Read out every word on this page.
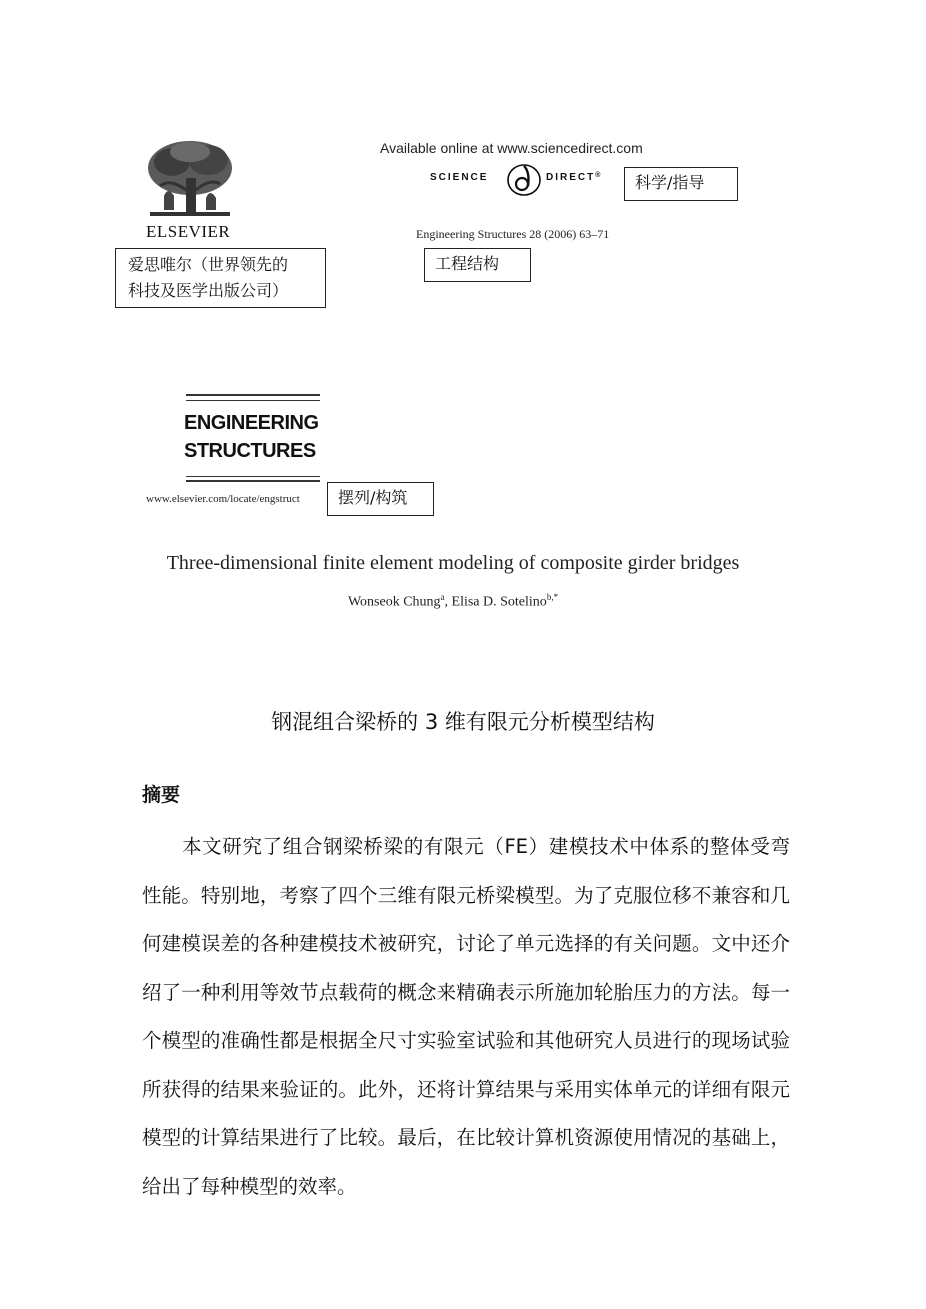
ELSEVIER
爱思唯尔（世界领先的
科技及医学出版公司）
Available online at www.sciencedirect.com
SCIENCE	DIRECT®	科学/指导
Engineering Structures 28 (2006) 63–71
工程结构
ENGINEERING
STRUCTURES
www.elsevier.com/locate/engstruct	摆列/构筑
Three-dimensional finite element modeling of composite girder bridges
Wonseok Chung$^a$, Elisa D. Sotelino$^{b,*}$
钢混组合梁桥的 3 维有限元分析模型结构
摘要
本文研究了组合钢梁桥梁的有限元（FE）建模技术中体系的整体受弯性能。特别地，考察了四个三维有限元桥梁模型。为了克服位移不兼容和几何建模误差的各种建模技术被研究，讨论了单元选择的有关问题。文中还介绍了一种利用等效节点载荷的概念来精确表示所施加轮胎压力的方法。每一个模型的准确性都是根据全尺寸实验室试验和其他研究人员进行的现场试验所获得的结果来验证的。此外，还将计算结果与采用实体单元的详细有限元模型的计算结果进行了比较。最后，在比较计算机资源使用情况的基础上，给出了每种模型的效率。
